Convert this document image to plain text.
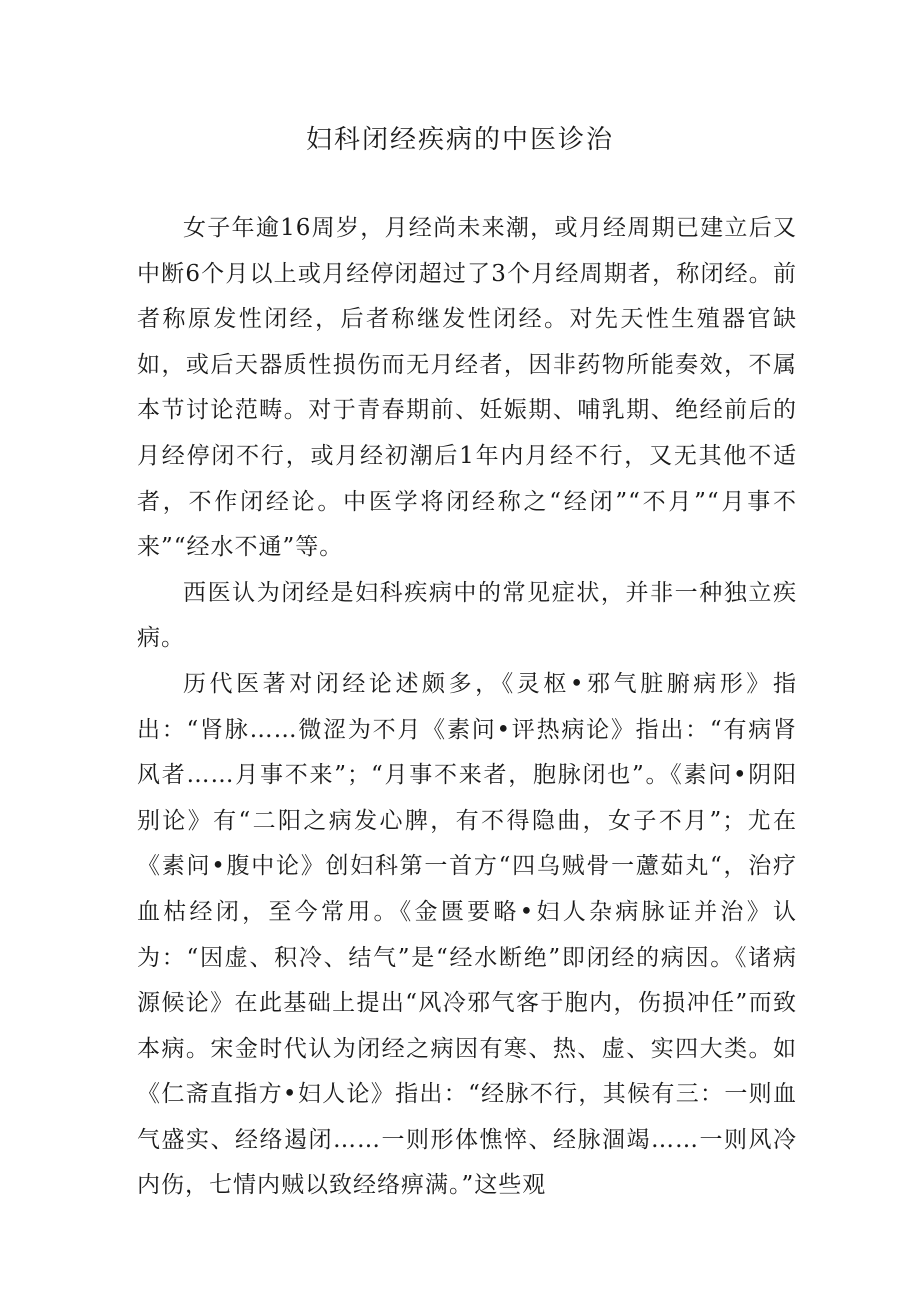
妇科闭经疾病的中医诊治

女子年逾16周岁，月经尚未来潮，或月经周期已建立后又中断6个月以上或月经停闭超过了3个月经周期者，称闭经。前者称原发性闭经，后者称继发性闭经。对先天性生殖器官缺如，或后天器质性损伤而无月经者，因非药物所能奏效，不属本节讨论范畴。对于青春期前、妊娠期、哺乳期、绝经前后的月经停闭不行，或月经初潮后1年内月经不行，又无其他不适者，不作闭经论。中医学将闭经称之“经闭”“不月”“月事不来”“经水不通”等。

西医认为闭经是妇科疾病中的常见症状，并非一种独立疾病。

历代医著对闭经论述颇多，《灵枢•邪气脏腑病形》指出：“肾脉……微涩为不月《素问•评热病论》指出：“有病肾风者……月事不来”；“月事不来者，胞脉闭也”。《素问•阴阳别论》有“二阳之病发心脾，有不得隐曲，女子不月”；尤在《素问•腹中论》创妇科第一首方“四乌贼骨一藘茹丸“，治疗血枯经闭，至今常用。《金匮要略•妇人杂病脉证并治》认为：“因虚、积冷、结气”是“经水断绝”即闭经的病因。《诸病源候论》在此基础上提出“风冷邪气客于胞内，伤损冲任”而致本病。宋金时代认为闭经之病因有寒、热、虚、实四大类。如《仁斋直指方•妇人论》指出：“经脉不行，其候有三：一则血气盛实、经络遏闭……一则形体憔悴、经脉涸竭……一则风冷内伤，七情内贼以致经络痹满。”这些观
